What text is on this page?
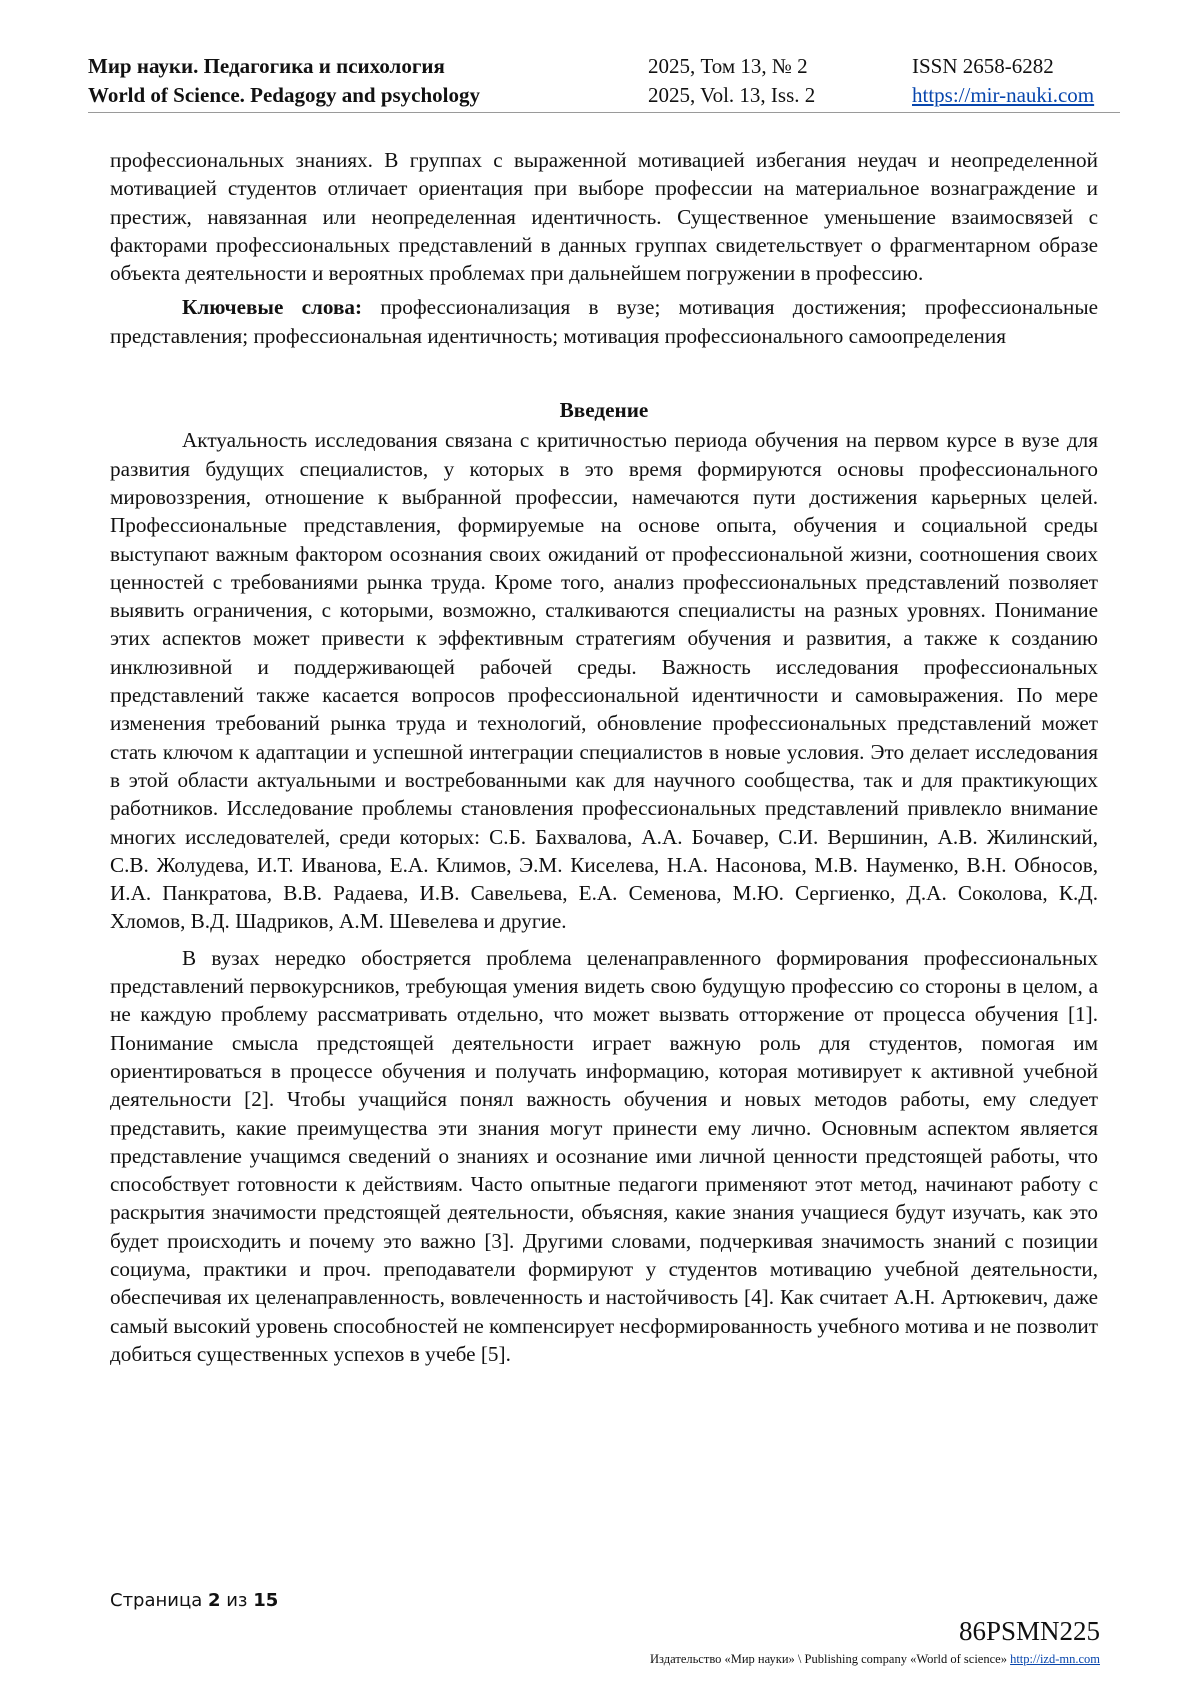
Мир науки. Педагогика и психология
World of Science. Pedagogy and psychology
2025, Том 13, № 2
2025, Vol. 13, Iss. 2
ISSN 2658-6282
https://mir-nauki.com

профессиональных знаниях. В группах с выраженной мотивацией избегания неудач и неопределенной мотивацией студентов отличает ориентация при выборе профессии на материальное вознаграждение и престиж, навязанная или неопределенная идентичность. Существенное уменьшение взаимосвязей с факторами профессиональных представлений в данных группах свидетельствует о фрагментарном образе объекта деятельности и вероятных проблемах при дальнейшем погружении в профессию.

Ключевые слова: профессионализация в вузе; мотивация достижения; профессиональные представления; профессиональная идентичность; мотивация профессионального самоопределения

Введение

Актуальность исследования связана с критичностью периода обучения на первом курсе в вузе для развития будущих специалистов, у которых в это время формируются основы профессионального мировоззрения, отношение к выбранной профессии, намечаются пути достижения карьерных целей. Профессиональные представления, формируемые на основе опыта, обучения и социальной среды выступают важным фактором осознания своих ожиданий от профессиональной жизни, соотношения своих ценностей с требованиями рынка труда. Кроме того, анализ профессиональных представлений позволяет выявить ограничения, с которыми, возможно, сталкиваются специалисты на разных уровнях. Понимание этих аспектов может привести к эффективным стратегиям обучения и развития, а также к созданию инклюзивной и поддерживающей рабочей среды. Важность исследования профессиональных представлений также касается вопросов профессиональной идентичности и самовыражения. По мере изменения требований рынка труда и технологий, обновление профессиональных представлений может стать ключом к адаптации и успешной интеграции специалистов в новые условия. Это делает исследования в этой области актуальными и востребованными как для научного сообщества, так и для практикующих работников. Исследование проблемы становления профессиональных представлений привлекло внимание многих исследователей, среди которых: С.Б. Бахвалова, А.А. Бочавер, С.И. Вершинин, А.В. Жилинский, С.В. Жолудева, И.Т. Иванова, Е.А. Климов, Э.М. Киселева, Н.А. Насонова, М.В. Науменко, В.Н. Обносов, И.А. Панкратова, В.В. Радаева, И.В. Савельева, Е.А. Семенова, М.Ю. Сергиенко, Д.А. Соколова, К.Д. Хломов, В.Д. Шадриков, А.М. Шевелева и другие.

В вузах нередко обостряется проблема целенаправленного формирования профессиональных представлений первокурсников, требующая умения видеть свою будущую профессию со стороны в целом, а не каждую проблему рассматривать отдельно, что может вызвать отторжение от процесса обучения [1]. Понимание смысла предстоящей деятельности играет важную роль для студентов, помогая им ориентироваться в процессе обучения и получать информацию, которая мотивирует к активной учебной деятельности [2]. Чтобы учащийся понял важность обучения и новых методов работы, ему следует представить, какие преимущества эти знания могут принести ему лично. Основным аспектом является представление учащимся сведений о знаниях и осознание ими личной ценности предстоящей работы, что способствует готовности к действиям. Часто опытные педагоги применяют этот метод, начинают работу с раскрытия значимости предстоящей деятельности, объясняя, какие знания учащиеся будут изучать, как это будет происходить и почему это важно [3]. Другими словами, подчеркивая значимость знаний с позиции социума, практики и проч. преподаватели формируют у студентов мотивацию учебной деятельности, обеспечивая их целенаправленность, вовлеченность и настойчивость [4]. Как считает А.Н. Артюкевич, даже самый высокий уровень способностей не компенсирует несформированность учебного мотива и не позволит добиться существенных успехов в учебе [5].

Страница 2 из 15
86PSMN225
Издательство «Мир науки» \ Publishing company «World of science» http://izd-mn.com
